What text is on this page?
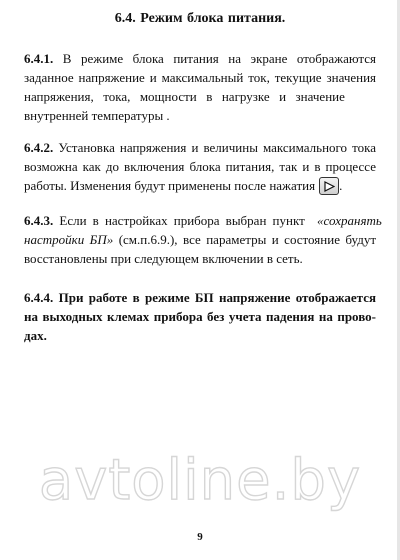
6.4. Режим блока питания.
6.4.1. В режиме блока питания на экране отображаются
заданное напряжение и максимальный ток, текущие значения
напряжения, тока, мощности в нагрузке и значение
внутренней температуры .
6.4.2. Установка напряжения и величины максимального тока
возможна как до включения блока питания, так и в процессе
работы. Изменения будут применены после нажатия .
6.4.3. Если в настройках прибора выбран пункт «сохранять
настройки БП» (см.п.6.9.), все параметры и состояние будут
восстановлены при следующем включении в сеть.
6.4.4. При работе в режиме БП напряжение отображается
на выходных клемах прибора без учета падения на прово-
дах.
avtoline.by
9
